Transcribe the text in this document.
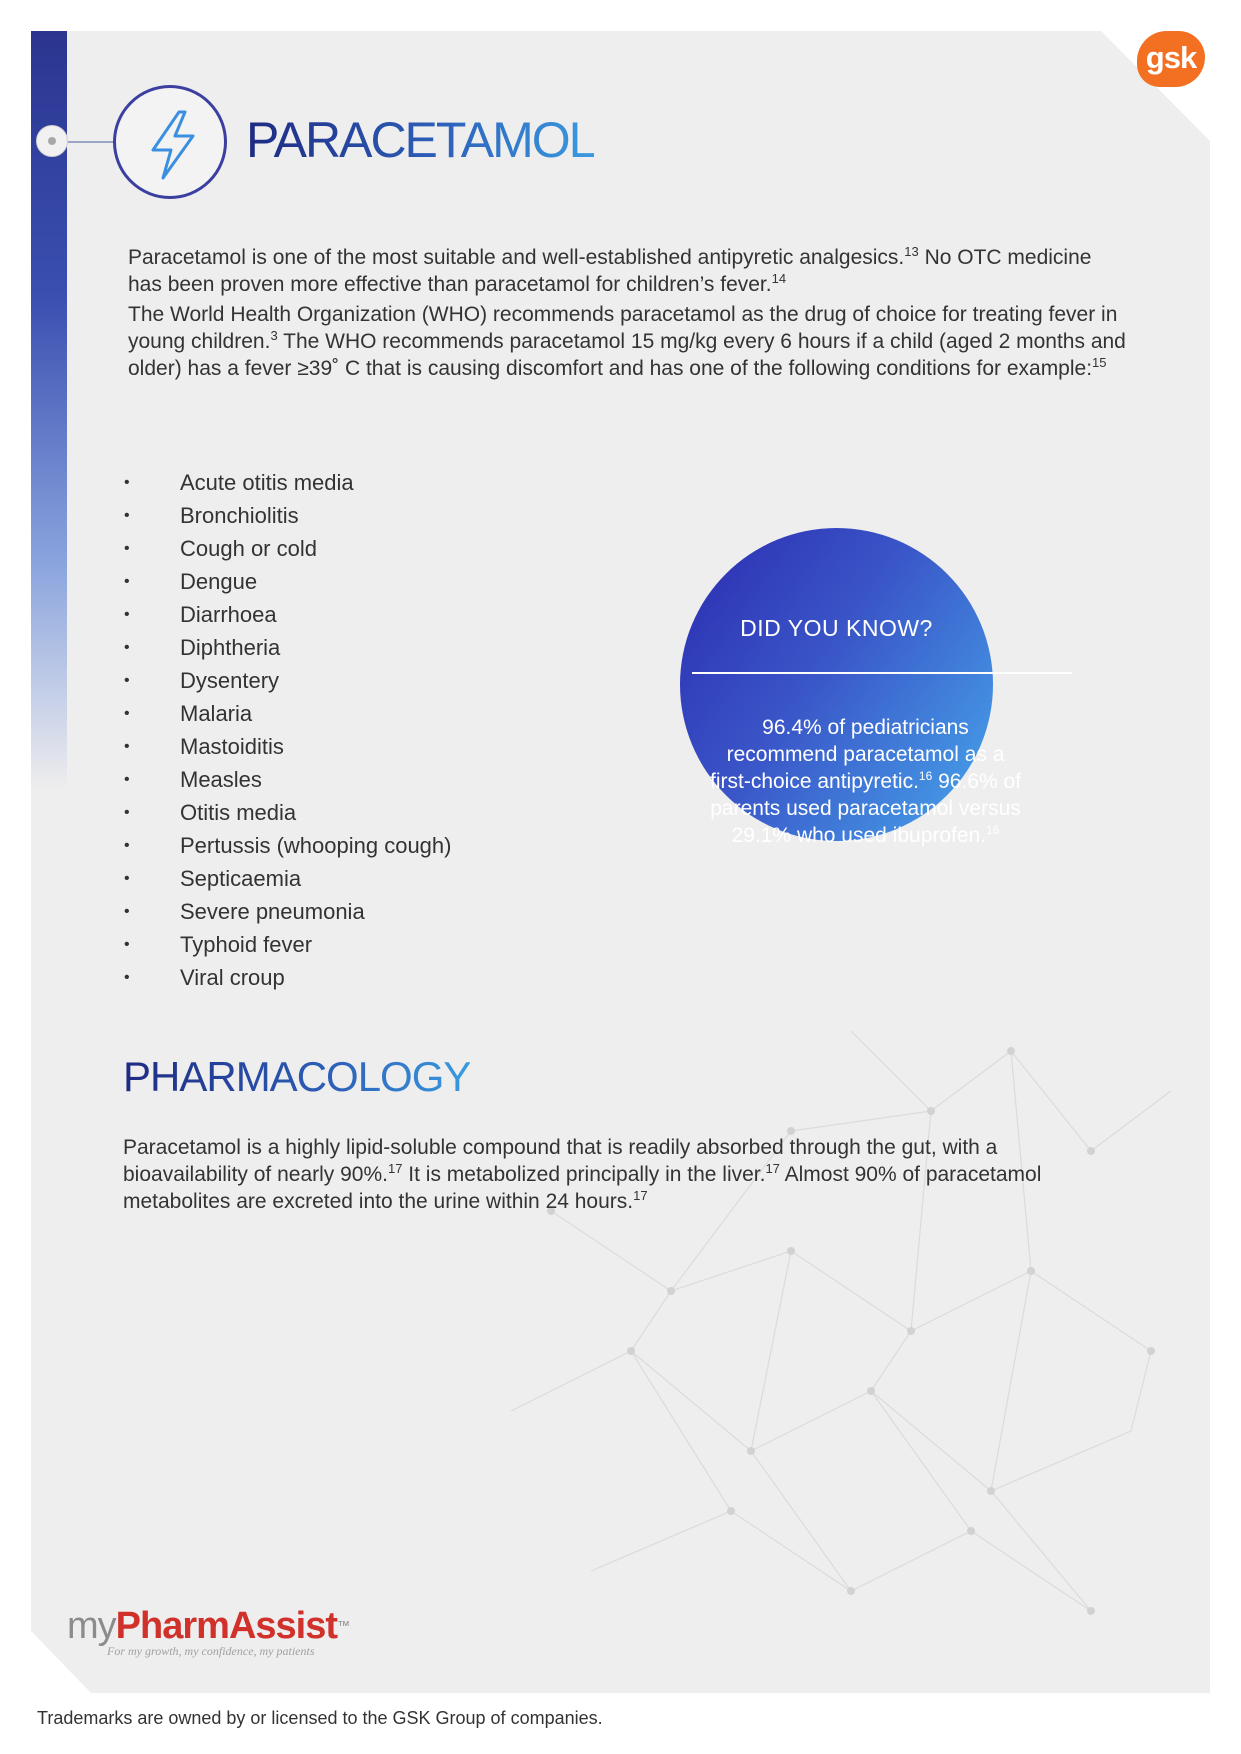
PARACETAMOL
gsk

Paracetamol is one of the most suitable and well-established antipyretic analgesics.$^{13}$ No OTC medicine has been proven more effective than paracetamol for children’s fever.$^{14}$

The World Health Organization (WHO) recommends paracetamol as the drug of choice for treating fever in young children.$^3$ The WHO recommends paracetamol 15 mg/kg every 6 hours if a child (aged 2 months and older) has a fever ≥39˚ C that is causing discomfort and has one of the following conditions for example:$^{15}$

• Acute otitis media
• Bronchiolitis
• Cough or cold
• Dengue
• Diarrhoea
• Diphtheria
• Dysentery
• Malaria
• Mastoiditis
• Measles
• Otitis media
• Pertussis (whooping cough)
• Septicaemia
• Severe pneumonia
• Typhoid fever
• Viral croup
DID YOU KNOW?
96.4% of pediatricians recommend paracetamol as a first-choice antipyretic.$^{16}$ 96.6% of parents used paracetamol versus 29.1% who used ibuprofen.$^{16}$
PHARMACOLOGY

Paracetamol is a highly lipid-soluble compound that is readily absorbed through the gut, with a bioavailability of nearly 90%.$^{17}$ It is metabolized principally in the liver.$^{17}$ Almost 90% of paracetamol metabolites are excreted into the urine within 24 hours.$^{17}$

myPharmAssist™
For my growth, my confidence, my patients

Trademarks are owned by or licensed to the GSK Group of companies.
